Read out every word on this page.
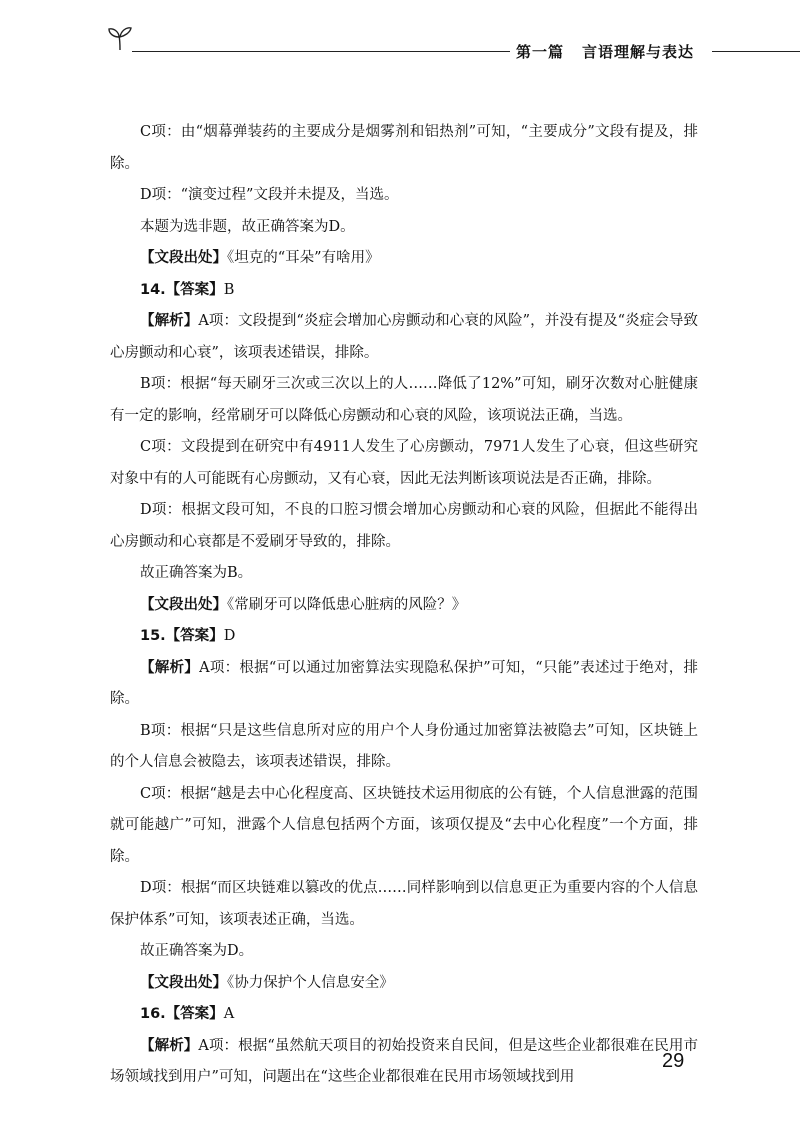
第一篇 言语理解与表达

C项：由“烟幕弹装药的主要成分是烟雾剂和铝热剂”可知，“主要成分”文段有提及，排除。

D项：“演变过程”文段并未提及，当选。

本题为选非题，故正确答案为D。

【文段出处】《坦克的“耳朵”有啥用》

14.【答案】B

【解析】A项：文段提到“炎症会增加心房颤动和心衰的风险”，并没有提及“炎症会导致心房颤动和心衰”，该项表述错误，排除。

B项：根据“每天刷牙三次或三次以上的人……降低了12%”可知，刷牙次数对心脏健康有一定的影响，经常刷牙可以降低心房颤动和心衰的风险，该项说法正确，当选。

C项：文段提到在研究中有4911人发生了心房颤动，7971人发生了心衰，但这些研究对象中有的人可能既有心房颤动，又有心衰，因此无法判断该项说法是否正确，排除。

D项：根据文段可知，不良的口腔习惯会增加心房颤动和心衰的风险，但据此不能得出心房颤动和心衰都是不爱刷牙导致的，排除。

故正确答案为B。

【文段出处】《常刷牙可以降低患心脏病的风险？》

15.【答案】D

【解析】A项：根据“可以通过加密算法实现隐私保护”可知，“只能”表述过于绝对，排除。

B项：根据“只是这些信息所对应的用户个人身份通过加密算法被隐去”可知，区块链上的个人信息会被隐去，该项表述错误，排除。

C项：根据“越是去中心化程度高、区块链技术运用彻底的公有链，个人信息泄露的范围就可能越广”可知，泄露个人信息包括两个方面，该项仅提及“去中心化程度”一个方面，排除。

D项：根据“而区块链难以篡改的优点……同样影响到以信息更正为重要内容的个人信息保护体系”可知，该项表述正确，当选。

故正确答案为D。

【文段出处】《协力保护个人信息安全》

16.【答案】A

【解析】A项：根据“虽然航天项目的初始投资来自民间，但是这些企业都很难在民用市场领域找到用户”可知，问题出在“这些企业都很难在民用市场领域找到用

29
